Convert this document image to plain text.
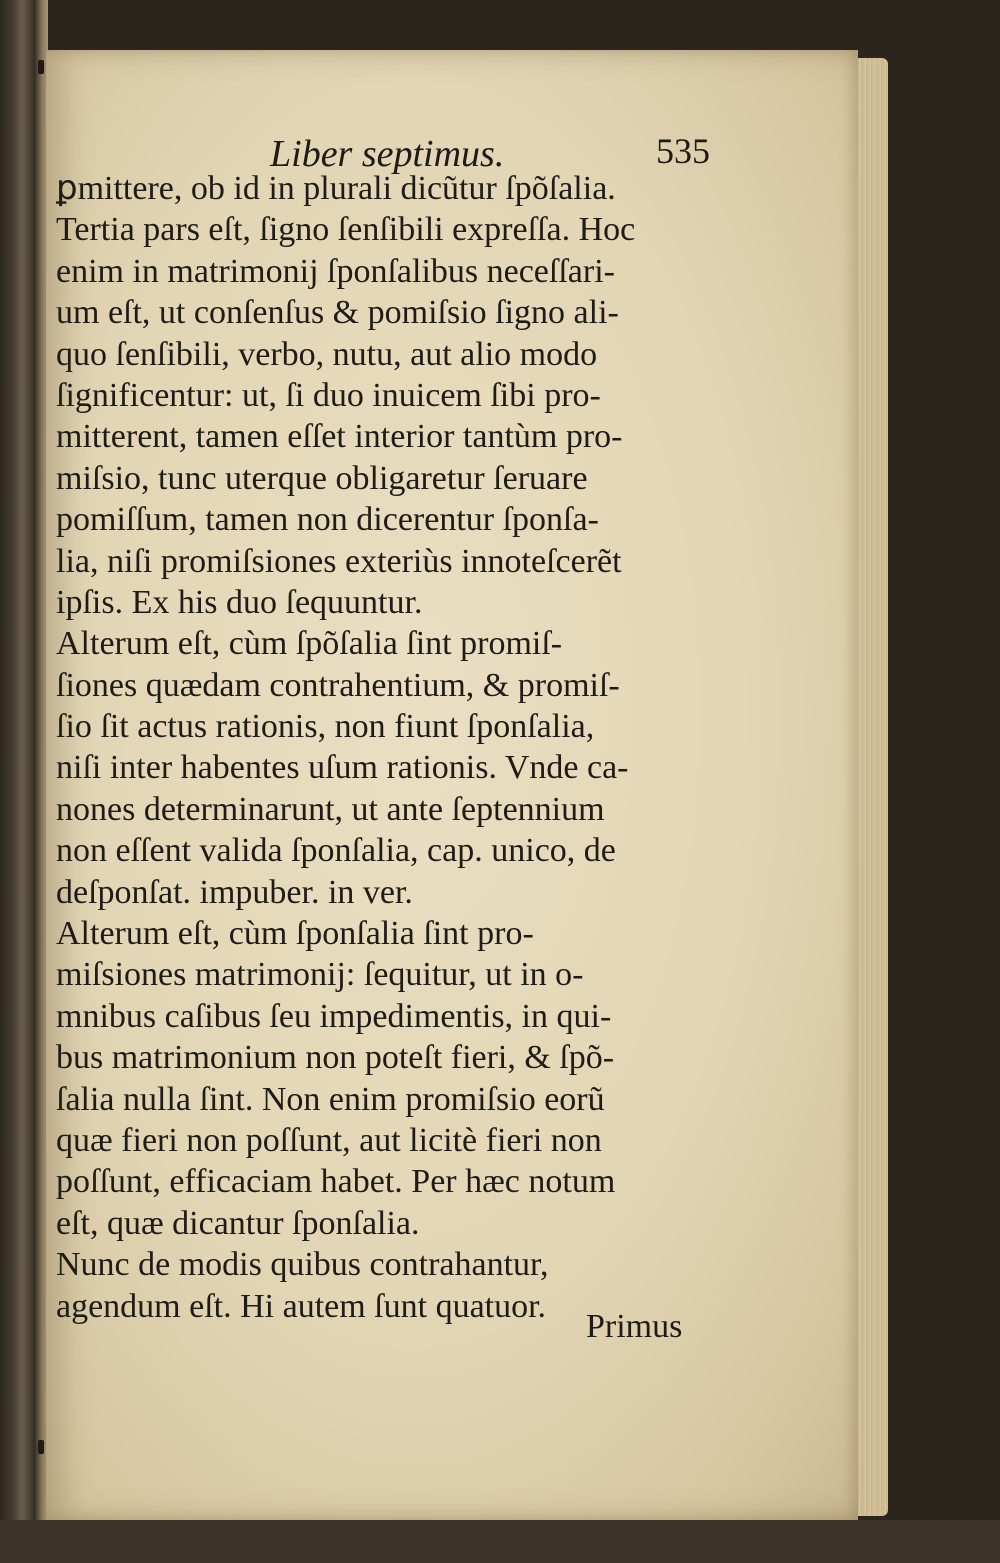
Liber septimus.	535
ꝑmittere, ob id in plurali dicũtur ſpõſalia.
Tertia pars eſt, ſigno ſenſibili expreſſa. Hoc
enim in matrimonij ſponſalibus neceſſari-
um eſt, ut conſenſus & pomiſsio ſigno ali-
quo ſenſibili, verbo, nutu, aut alio modo
ſignificentur: ut, ſi duo inuicem ſibi pro-
mitterent, tamen eſſet interior tantùm pro-
miſsio, tunc uterque obligaretur ſeruare
pomiſſum, tamen non dicerentur ſponſa-
lia, niſi promiſsiones exteriùs innoteſcerẽt
ipſis. Ex his duo ſequuntur.
Alterum eſt, cùm ſpõſalia ſint promiſ-
ſiones quædam contrahentium, & promiſ-
ſio ſit actus rationis, non fiunt ſponſalia,
niſi inter habentes uſum rationis. Vnde ca-
nones determinarunt, ut ante ſeptennium
non eſſent valida ſponſalia, cap. unico, de
deſponſat. impuber. in ver.
Alterum eſt, cùm ſponſalia ſint pro-
miſsiones matrimonij: ſequitur, ut in o-
mnibus caſibus ſeu impedimentis, in qui-
bus matrimonium non poteſt fieri, & ſpõ-
ſalia nulla ſint. Non enim promiſsio eorũ
quæ fieri non poſſunt, aut licitè fieri non
poſſunt, efficaciam habet. Per hæc notum
eſt, quæ dicantur ſponſalia.
Nunc de modis quibus contrahantur,
agendum eſt. Hi autem ſunt quatuor.
Primus
